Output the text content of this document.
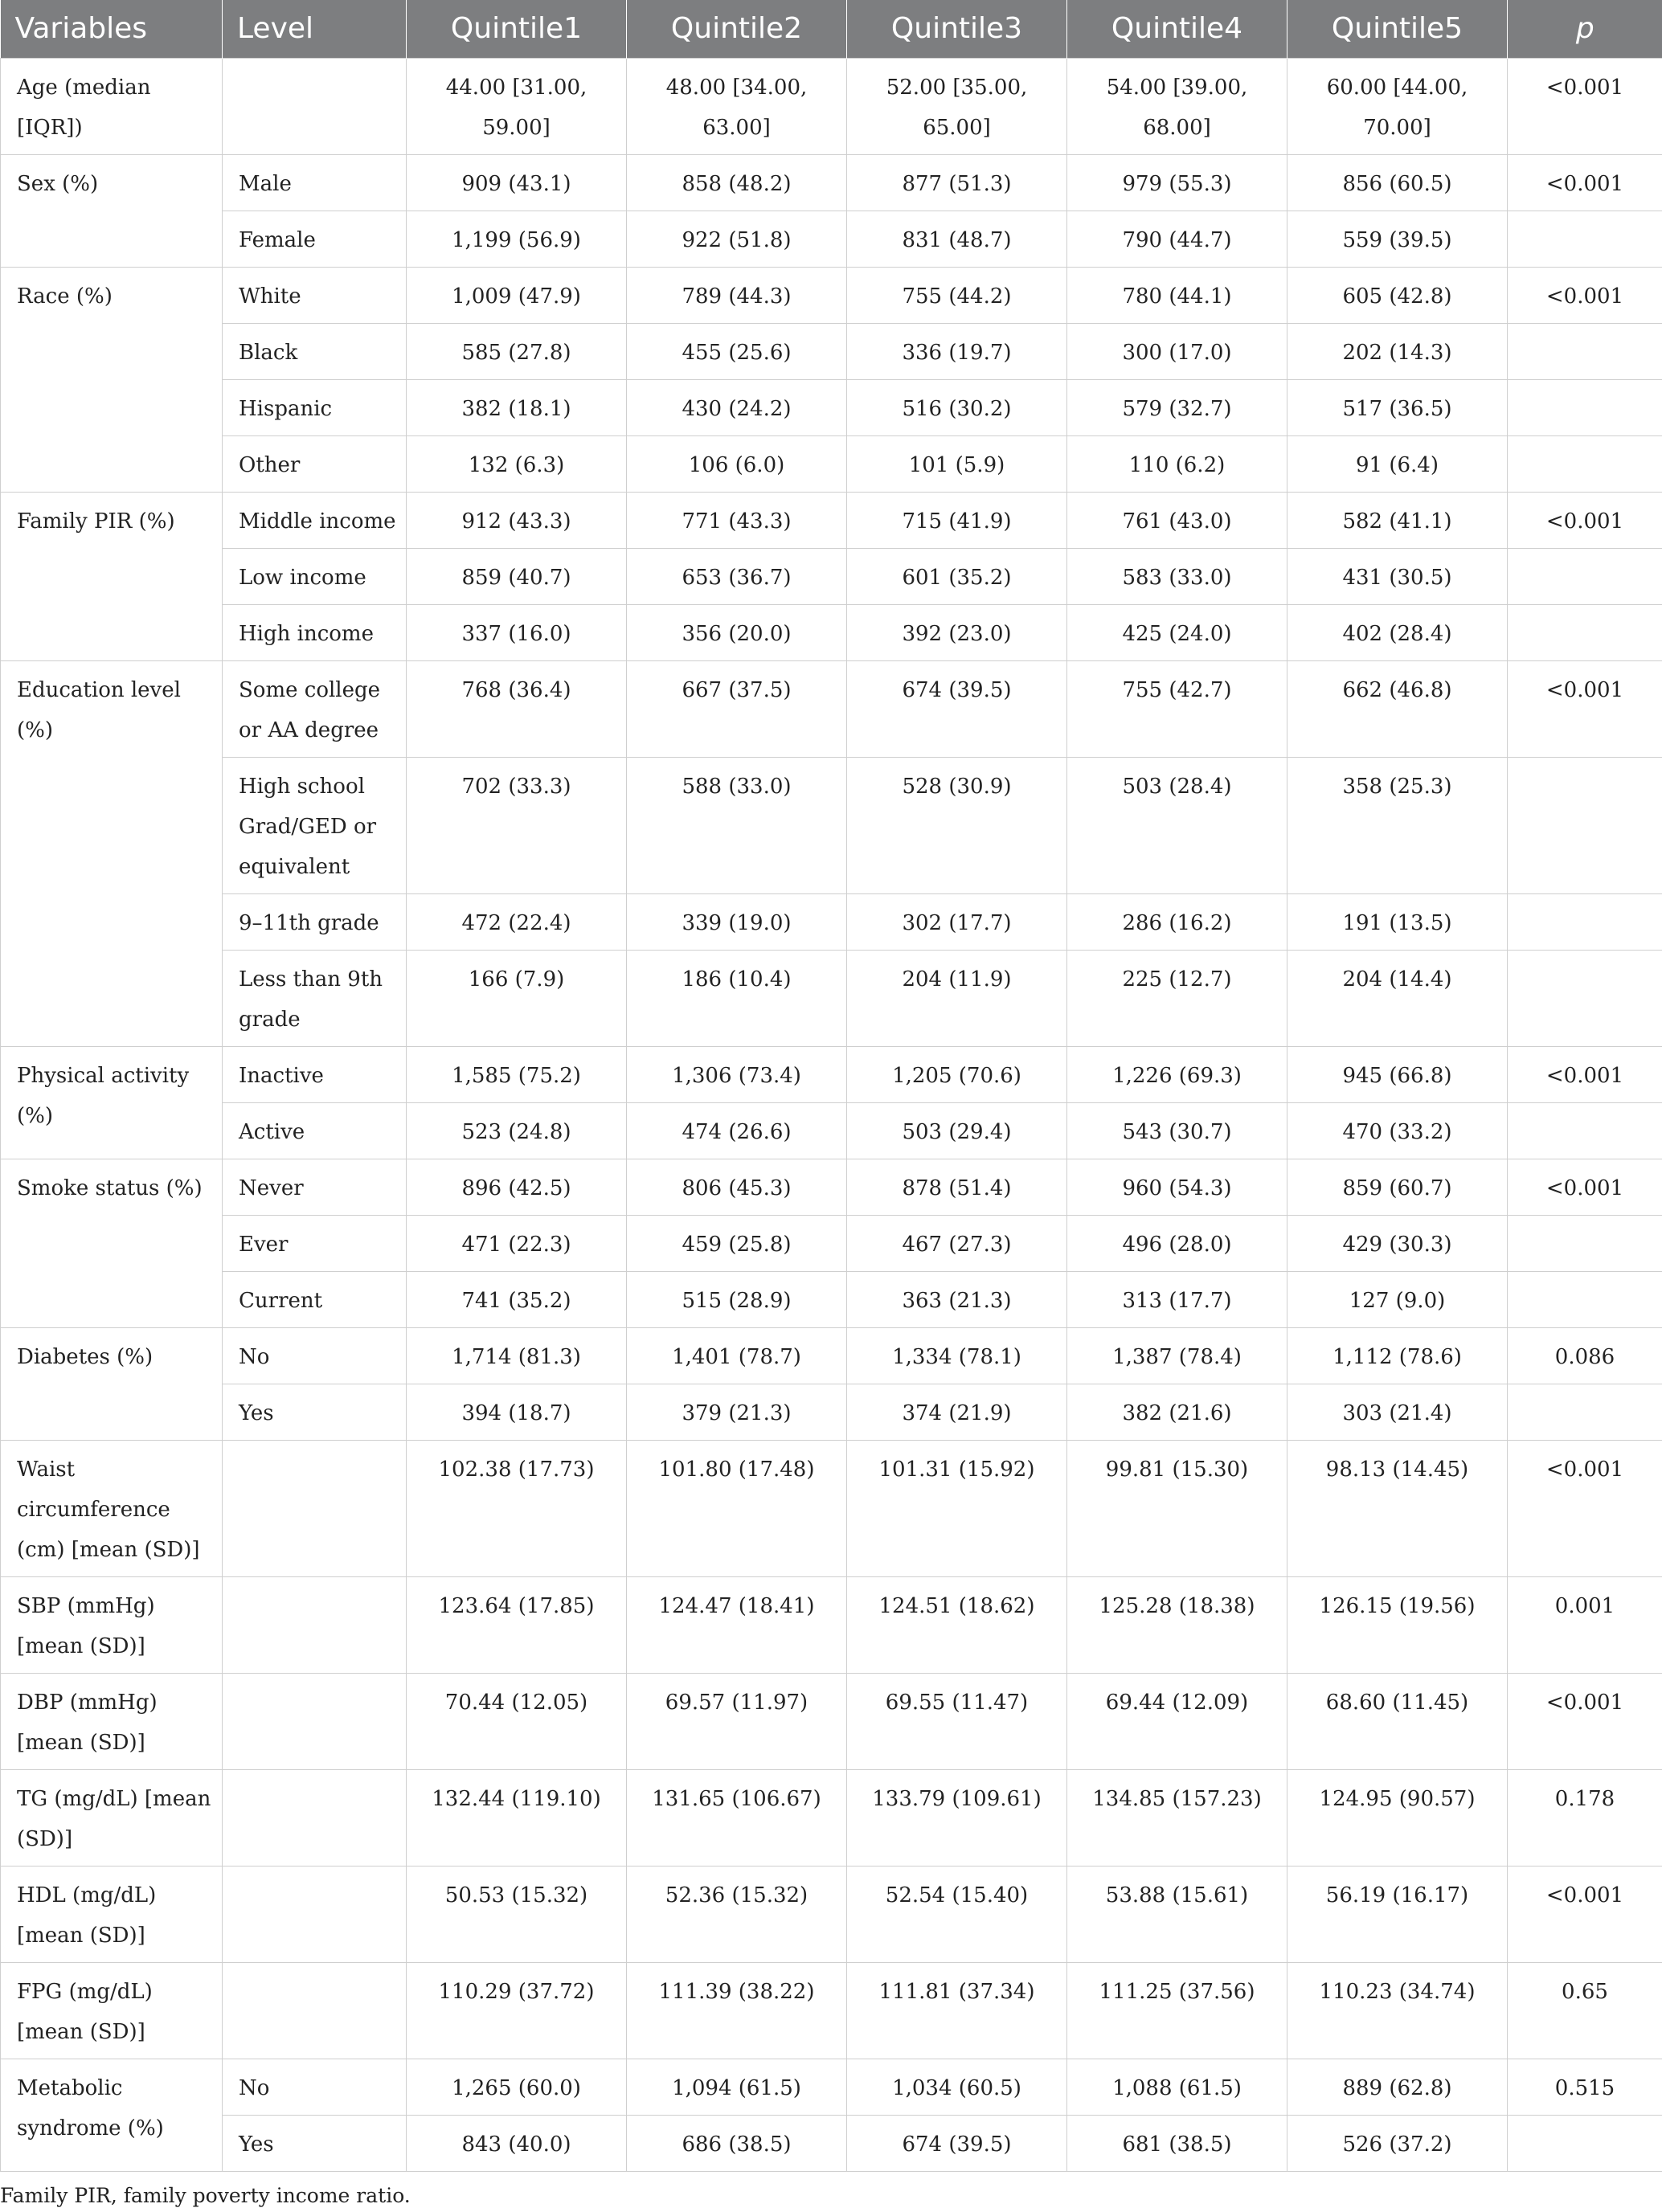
Variables	Level	Quintile1	Quintile2	Quintile3	Quintile4	Quintile5	p
Age (median [IQR])		44.00 [31.00, 59.00]	48.00 [34.00, 63.00]	52.00 [35.00, 65.00]	54.00 [39.00, 68.00]	60.00 [44.00, 70.00]	<0.001
Sex (%)	Male	909 (43.1)	858 (48.2)	877 (51.3)	979 (55.3)	856 (60.5)	<0.001
	Female	1,199 (56.9)	922 (51.8)	831 (48.7)	790 (44.7)	559 (39.5)	
Race (%)	White	1,009 (47.9)	789 (44.3)	755 (44.2)	780 (44.1)	605 (42.8)	<0.001
	Black	585 (27.8)	455 (25.6)	336 (19.7)	300 (17.0)	202 (14.3)	
	Hispanic	382 (18.1)	430 (24.2)	516 (30.2)	579 (32.7)	517 (36.5)	
	Other	132 (6.3)	106 (6.0)	101 (5.9)	110 (6.2)	91 (6.4)	
Family PIR (%)	Middle income	912 (43.3)	771 (43.3)	715 (41.9)	761 (43.0)	582 (41.1)	<0.001
	Low income	859 (40.7)	653 (36.7)	601 (35.2)	583 (33.0)	431 (30.5)	
	High income	337 (16.0)	356 (20.0)	392 (23.0)	425 (24.0)	402 (28.4)	
Education level (%)	Some college or AA degree	768 (36.4)	667 (37.5)	674 (39.5)	755 (42.7)	662 (46.8)	<0.001
	High school Grad/GED or equivalent	702 (33.3)	588 (33.0)	528 (30.9)	503 (28.4)	358 (25.3)	
	9–11th grade	472 (22.4)	339 (19.0)	302 (17.7)	286 (16.2)	191 (13.5)	
	Less than 9th grade	166 (7.9)	186 (10.4)	204 (11.9)	225 (12.7)	204 (14.4)	
Physical activity (%)	Inactive	1,585 (75.2)	1,306 (73.4)	1,205 (70.6)	1,226 (69.3)	945 (66.8)	<0.001
	Active	523 (24.8)	474 (26.6)	503 (29.4)	543 (30.7)	470 (33.2)	
Smoke status (%)	Never	896 (42.5)	806 (45.3)	878 (51.4)	960 (54.3)	859 (60.7)	<0.001
	Ever	471 (22.3)	459 (25.8)	467 (27.3)	496 (28.0)	429 (30.3)	
	Current	741 (35.2)	515 (28.9)	363 (21.3)	313 (17.7)	127 (9.0)	
Diabetes (%)	No	1,714 (81.3)	1,401 (78.7)	1,334 (78.1)	1,387 (78.4)	1,112 (78.6)	0.086
	Yes	394 (18.7)	379 (21.3)	374 (21.9)	382 (21.6)	303 (21.4)	
Waist circumference (cm) [mean (SD)]		102.38 (17.73)	101.80 (17.48)	101.31 (15.92)	99.81 (15.30)	98.13 (14.45)	<0.001
SBP (mmHg) [mean (SD)]		123.64 (17.85)	124.47 (18.41)	124.51 (18.62)	125.28 (18.38)	126.15 (19.56)	0.001
DBP (mmHg) [mean (SD)]		70.44 (12.05)	69.57 (11.97)	69.55 (11.47)	69.44 (12.09)	68.60 (11.45)	<0.001
TG (mg/dL) [mean (SD)]		132.44 (119.10)	131.65 (106.67)	133.79 (109.61)	134.85 (157.23)	124.95 (90.57)	0.178
HDL (mg/dL) [mean (SD)]		50.53 (15.32)	52.36 (15.32)	52.54 (15.40)	53.88 (15.61)	56.19 (16.17)	<0.001
FPG (mg/dL) [mean (SD)]		110.29 (37.72)	111.39 (38.22)	111.81 (37.34)	111.25 (37.56)	110.23 (34.74)	0.65
Metabolic syndrome (%)	No	1,265 (60.0)	1,094 (61.5)	1,034 (60.5)	1,088 (61.5)	889 (62.8)	0.515
	Yes	843 (40.0)	686 (38.5)	674 (39.5)	681 (38.5)	526 (37.2)	
Family PIR, family poverty income ratio.
